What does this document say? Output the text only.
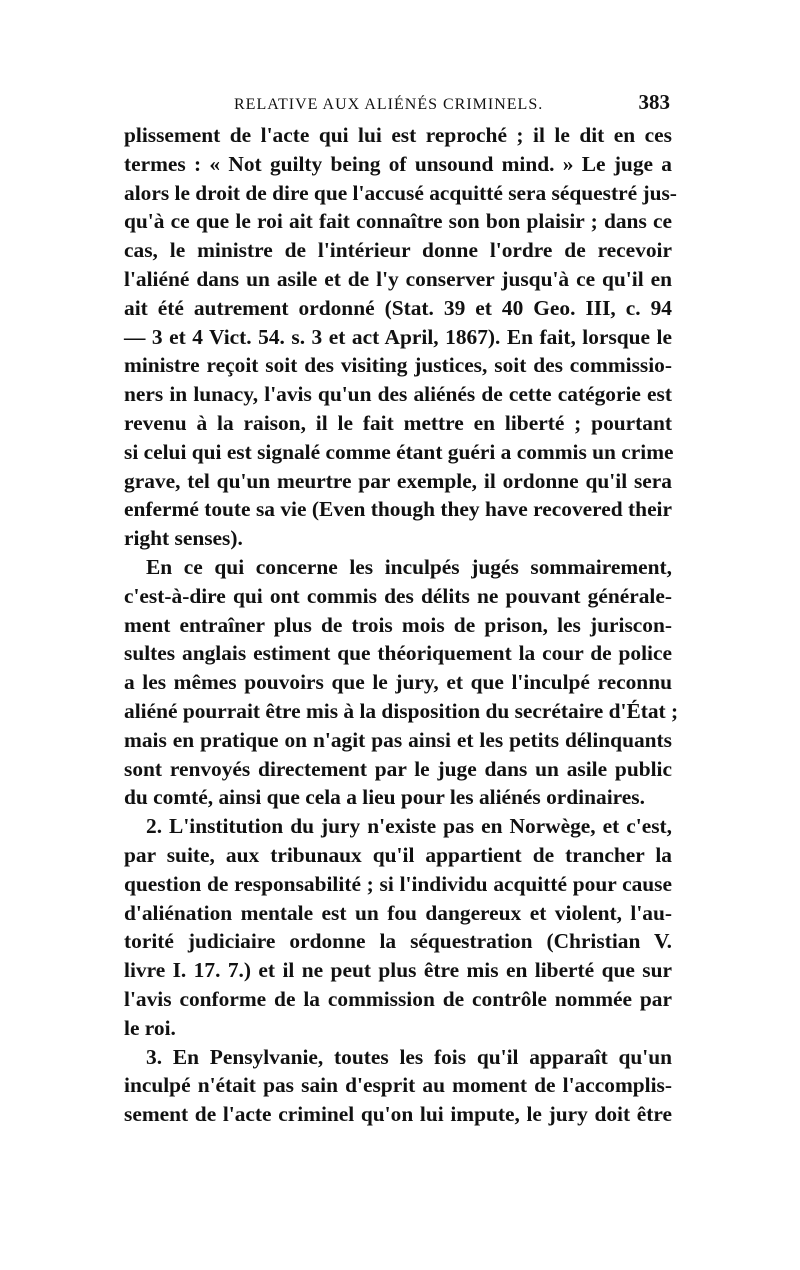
RELATIVE AUX ALIÉNÉS CRIMINELS.	383
plissement de l'acte qui lui est reproché ; il le dit en ces
termes : « Not guilty being of unsound mind. » Le juge a
alors le droit de dire que l'accusé acquitté sera séquestré jus-
qu'à ce que le roi ait fait connaître son bon plaisir ; dans ce
cas, le ministre de l'intérieur donne l'ordre de recevoir
l'aliéné dans un asile et de l'y conserver jusqu'à ce qu'il en
ait été autrement ordonné (Stat. 39 et 40 Geo. III, c. 94
— 3 et 4 Vict. 54. s. 3 et act April, 1867). En fait, lorsque le
ministre reçoit soit des visiting justices, soit des commissio-
ners in lunacy, l'avis qu'un des aliénés de cette catégorie est
revenu à la raison, il le fait mettre en liberté ; pourtant
si celui qui est signalé comme étant guéri a commis un crime
grave, tel qu'un meurtre par exemple, il ordonne qu'il sera
enfermé toute sa vie (Even though they have recovered their
right senses).
En ce qui concerne les inculpés jugés sommairement,
c'est-à-dire qui ont commis des délits ne pouvant générale-
ment entraîner plus de trois mois de prison, les juriscon-
sultes anglais estiment que théoriquement la cour de police
a les mêmes pouvoirs que le jury, et que l'inculpé reconnu
aliéné pourrait être mis à la disposition du secrétaire d'État ;
mais en pratique on n'agit pas ainsi et les petits délinquants
sont renvoyés directement par le juge dans un asile public
du comté, ainsi que cela a lieu pour les aliénés ordinaires.
2. L'institution du jury n'existe pas en Norwège, et c'est,
par suite, aux tribunaux qu'il appartient de trancher la
question de responsabilité ; si l'individu acquitté pour cause
d'aliénation mentale est un fou dangereux et violent, l'au-
torité judiciaire ordonne la séquestration (Christian V.
livre I. 17. 7.) et il ne peut plus être mis en liberté que sur
l'avis conforme de la commission de contrôle nommée par
le roi.
3. En Pensylvanie, toutes les fois qu'il apparaît qu'un
inculpé n'était pas sain d'esprit au moment de l'accomplis-
sement de l'acte criminel qu'on lui impute, le jury doit être
